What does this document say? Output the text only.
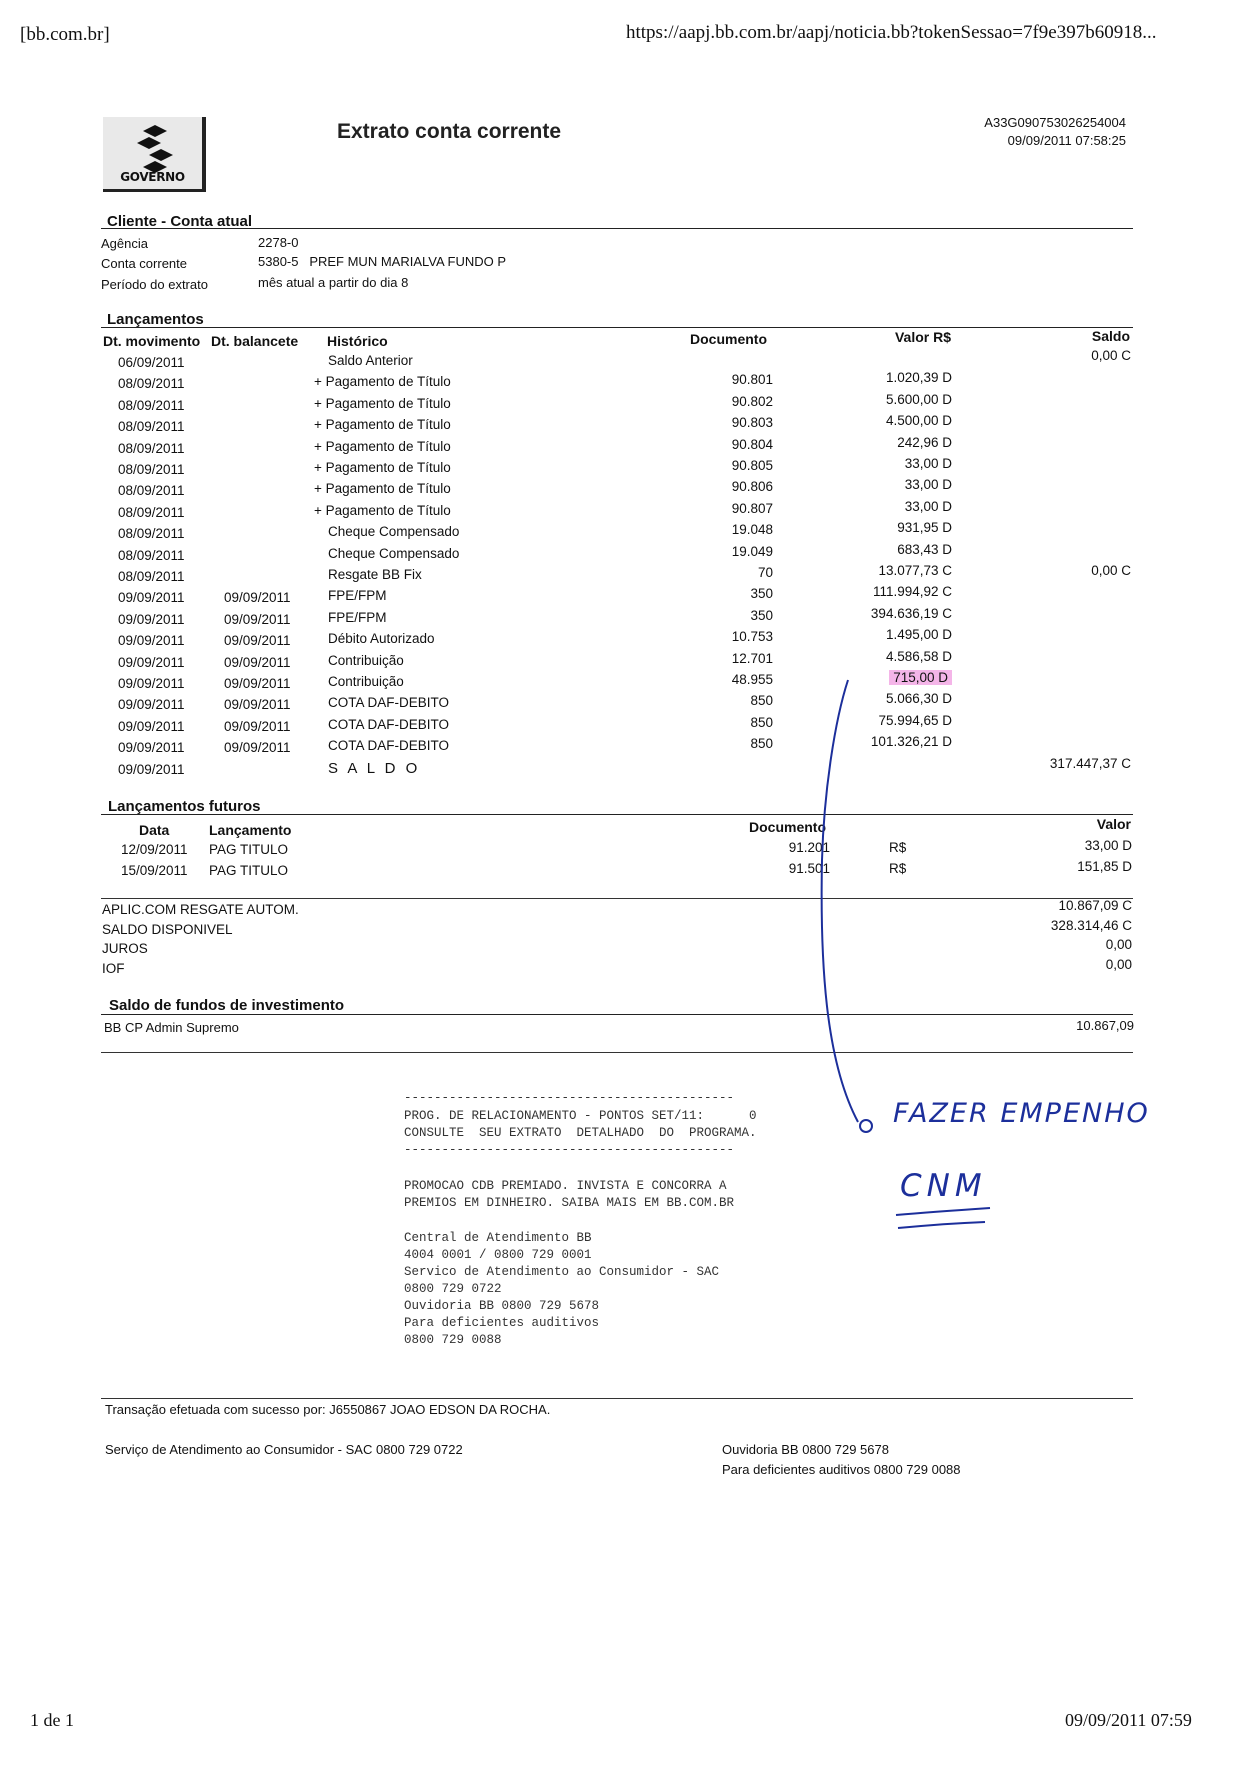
[bb.com.br]	https://aapj.bb.com.br/aapj/noticia.bb?tokenSessao=7f9e397b60918...
GOVERNO
Extrato conta corrente	A33G090753026254004
09/09/2011 07:58:25
Cliente - Conta atual
Agência	2278-0
Conta corrente	5380-5   PREF MUN MARIALVA FUNDO P
Período do extrato	mês atual a partir do dia 8
Lançamentos
Dt. movimento Dt. balancete Histórico	Documento	Valor R$	Saldo
06/09/2011	Saldo Anterior	0,00 C
08/09/2011	+ Pagamento de Título	90.801	1.020,39 D
08/09/2011	+ Pagamento de Título	90.802	5.600,00 D
08/09/2011	+ Pagamento de Título	90.803	4.500,00 D
08/09/2011	+ Pagamento de Título	90.804	242,96 D
08/09/2011	+ Pagamento de Título	90.805	33,00 D
08/09/2011	+ Pagamento de Título	90.806	33,00 D
08/09/2011	+ Pagamento de Título	90.807	33,00 D
08/09/2011	Cheque Compensado	19.048	931,95 D
08/09/2011	Cheque Compensado	19.049	683,43 D
08/09/2011	Resgate BB Fix	70	13.077,73 C	0,00 C
09/09/2011	09/09/2011	FPE/FPM	350	111.994,92 C
09/09/2011	09/09/2011	FPE/FPM	350	394.636,19 C
09/09/2011	09/09/2011	Débito Autorizado	10.753	1.495,00 D
09/09/2011	09/09/2011	Contribuição	12.701	4.586,58 D
09/09/2011	09/09/2011	Contribuição	48.955	715,00 D
09/09/2011	09/09/2011	COTA DAF-DEBITO	850	5.066,30 D
09/09/2011	09/09/2011	COTA DAF-DEBITO	850	75.994,65 D
09/09/2011	09/09/2011	COTA DAF-DEBITO	850	101.326,21 D
09/09/2011	S A L D O	317.447,37 C
Lançamentos futuros
Data	Lançamento	Documento	Valor
12/09/2011 PAG TITULO	91.201	R$	33,00 D
15/09/2011 PAG TITULO	91.501	R$	151,85 D
APLIC.COM RESGATE AUTOM.	10.867,09 C
SALDO DISPONIVEL	328.314,46 C
JUROS	0,00
IOF	0,00
Saldo de fundos de investimento
BB CP Admin Supremo	10.867,09
--------------------------------------------
PROG. DE RELACIONAMENTO - PONTOS SET/11:      0
CONSULTE  SEU EXTRATO  DETALHADO  DO  PROGRAMA.
--------------------------------------------
PROMOCAO CDB PREMIADO. INVISTA E CONCORRA A
PREMIOS EM DINHEIRO. SAIBA MAIS EM BB.COM.BR
Central de Atendimento BB
4004 0001 / 0800 729 0001
Servico de Atendimento ao Consumidor - SAC
0800 729 0722
Ouvidoria BB 0800 729 5678
Para deficientes auditivos
0800 729 0088
FAZER EMPENHO
CNM
Transação efetuada com sucesso por: J6550867 JOAO EDSON DA ROCHA.
Serviço de Atendimento ao Consumidor - SAC 0800 729 0722	Ouvidoria BB 0800 729 5678
Para deficientes auditivos 0800 729 0088
1 de 1	09/09/2011 07:59
